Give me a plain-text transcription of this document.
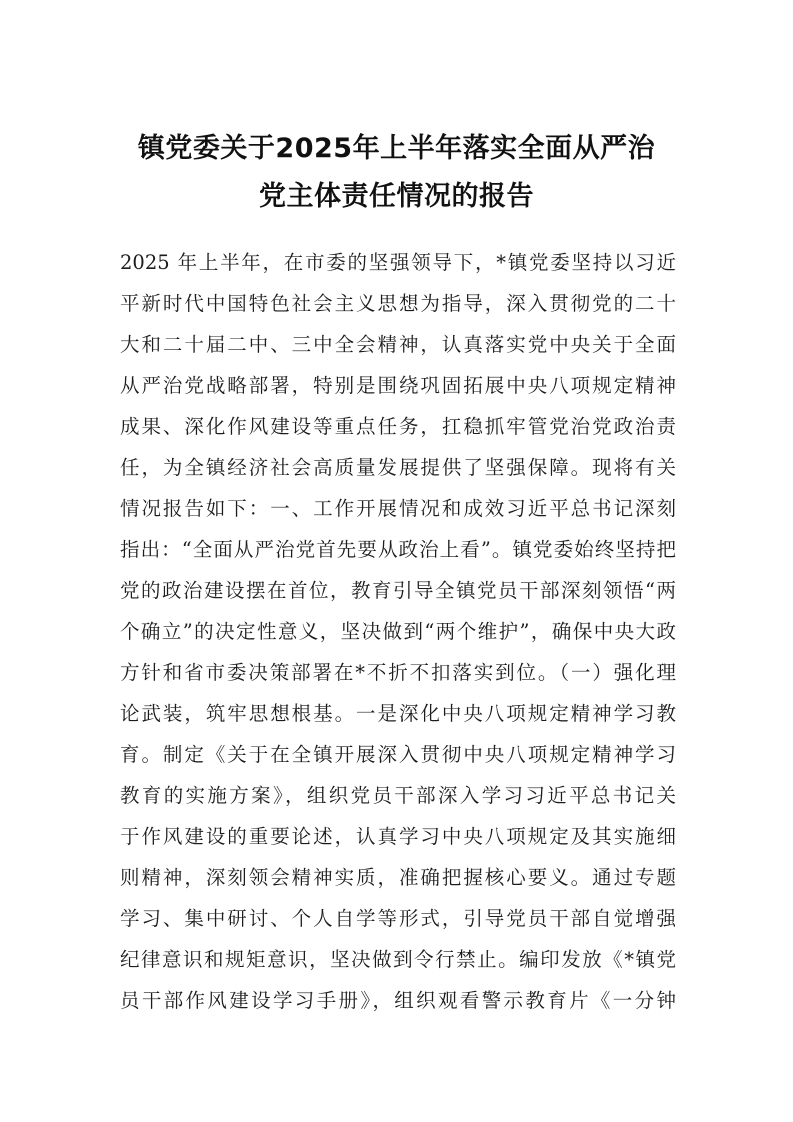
镇党委关于2025年上半年落实全面从严治
党主体责任情况的报告
2025 年上半年，在市委的坚强领导下，*镇党委坚持以习近
平新时代中国特色社会主义思想为指导，深入贯彻党的二十
大和二十届二中、三中全会精神，认真落实党中央关于全面
从严治党战略部署，特别是围绕巩固拓展中央八项规定精神
成果、深化作风建设等重点任务，扛稳抓牢管党治党政治责
任，为全镇经济社会高质量发展提供了坚强保障。现将有关
情况报告如下：一、工作开展情况和成效习近平总书记深刻
指出：“全面从严治党首先要从政治上看”。镇党委始终坚持把
党的政治建设摆在首位，教育引导全镇党员干部深刻领悟“两
个确立”的决定性意义，坚决做到“两个维护”，确保中央大政
方针和省市委决策部署在*不折不扣落实到位。（一）强化理
论武装，筑牢思想根基。一是深化中央八项规定精神学习教
育。制定《关于在全镇开展深入贯彻中央八项规定精神学习
教育的实施方案》，组织党员干部深入学习习近平总书记关
于作风建设的重要论述，认真学习中央八项规定及其实施细
则精神，深刻领会精神实质，准确把握核心要义。通过专题
学习、集中研讨、个人自学等形式，引导党员干部自觉增强
纪律意识和规矩意识，坚决做到令行禁止。编印发放《*镇党
员干部作风建设学习手册》，组织观看警示教育片《一分钟
